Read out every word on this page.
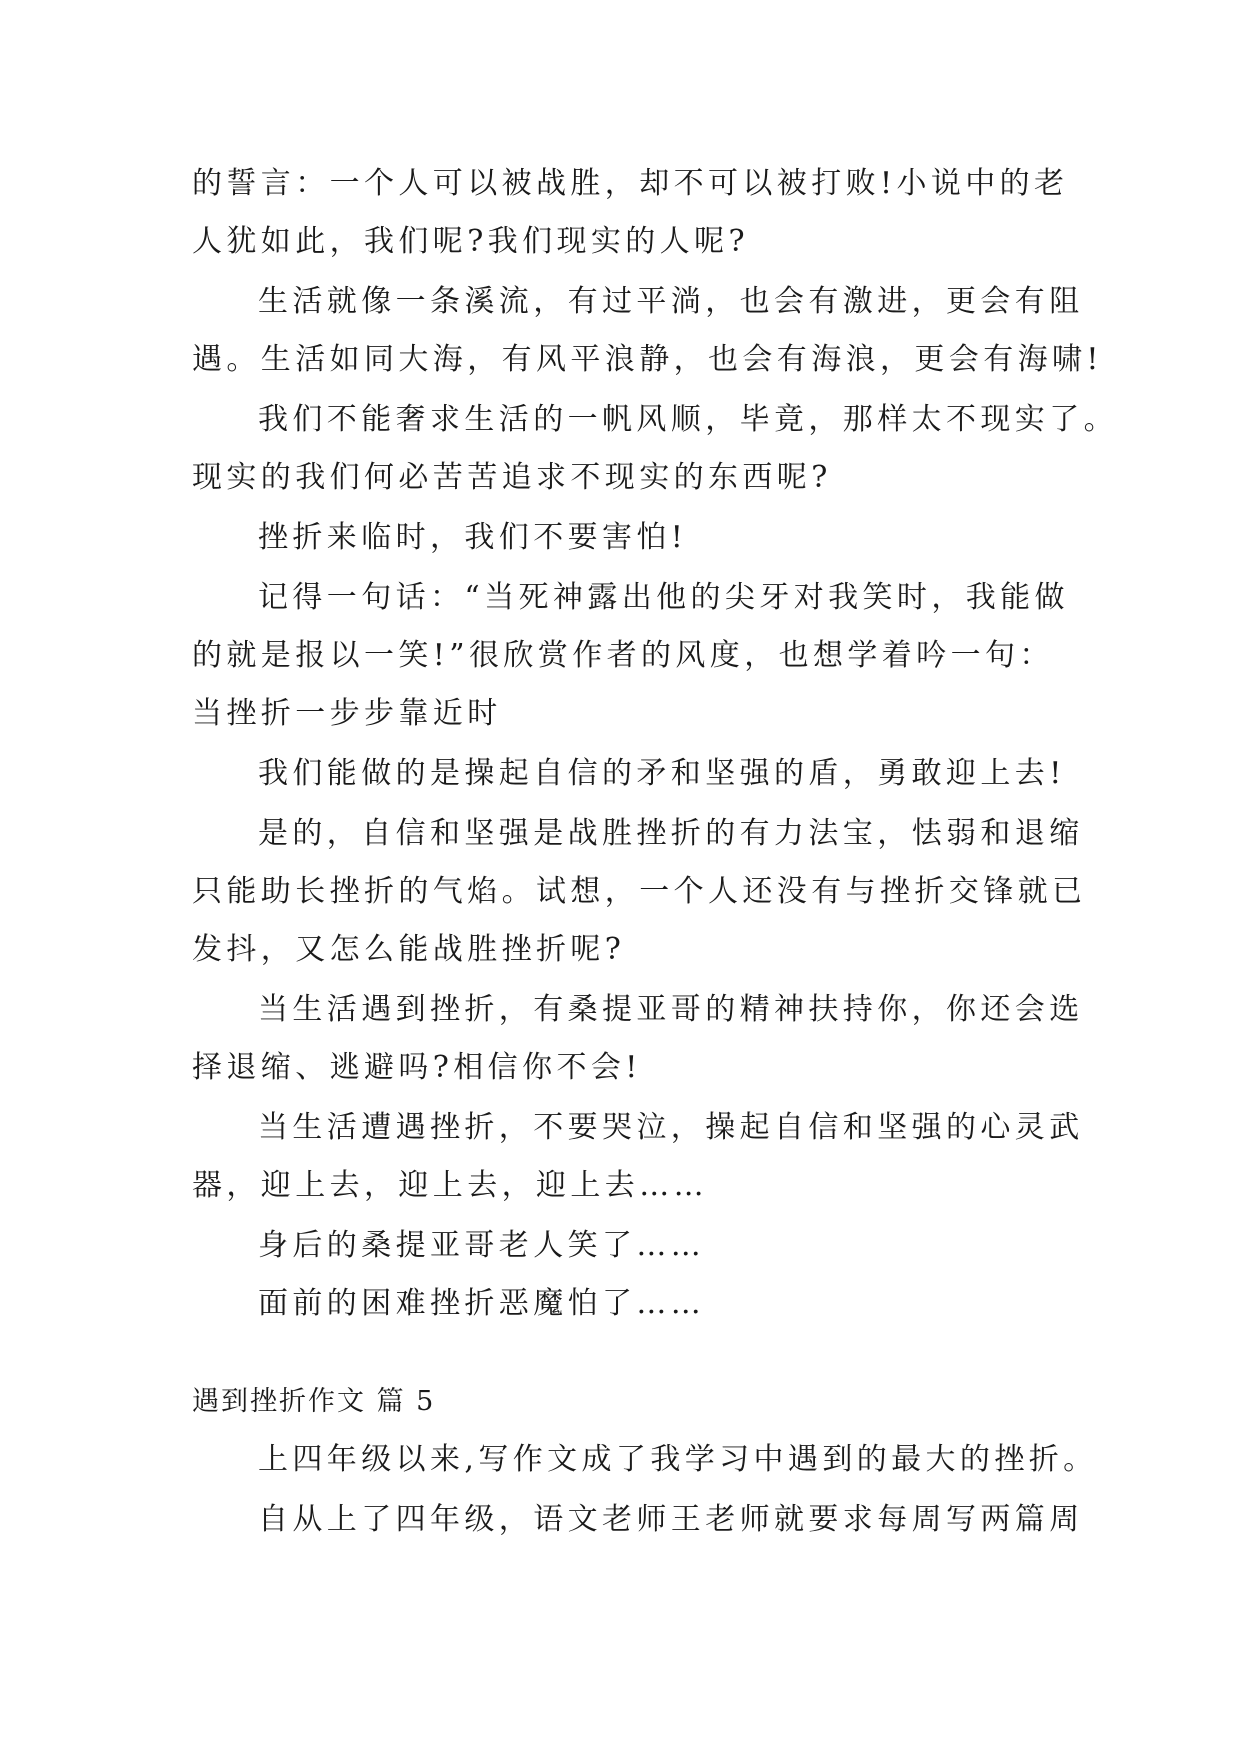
的誓言：一个人可以被战胜，却不可以被打败!小说中的老
人犹如此，我们呢?我们现实的人呢?
生活就像一条溪流，有过平淌，也会有激进，更会有阻
遇。生活如同大海，有风平浪静，也会有海浪，更会有海啸!
我们不能奢求生活的一帆风顺，毕竟，那样太不现实了。
现实的我们何必苦苦追求不现实的东西呢?
挫折来临时，我们不要害怕!
记得一句话：“当死神露出他的尖牙对我笑时，我能做
的就是报以一笑!”很欣赏作者的风度，也想学着吟一句：
当挫折一步步靠近时
我们能做的是操起自信的矛和坚强的盾，勇敢迎上去!
是的，自信和坚强是战胜挫折的有力法宝，怯弱和退缩
只能助长挫折的气焰。试想，一个人还没有与挫折交锋就已
发抖，又怎么能战胜挫折呢?
当生活遇到挫折，有桑提亚哥的精神扶持你，你还会选
择退缩、逃避吗?相信你不会!
当生活遭遇挫折，不要哭泣，操起自信和坚强的心灵武
器，迎上去，迎上去，迎上去……
身后的桑提亚哥老人笑了……
面前的困难挫折恶魔怕了……
遇到挫折作文 篇 5
上四年级以来,写作文成了我学习中遇到的最大的挫折。
自从上了四年级，语文老师王老师就要求每周写两篇周
